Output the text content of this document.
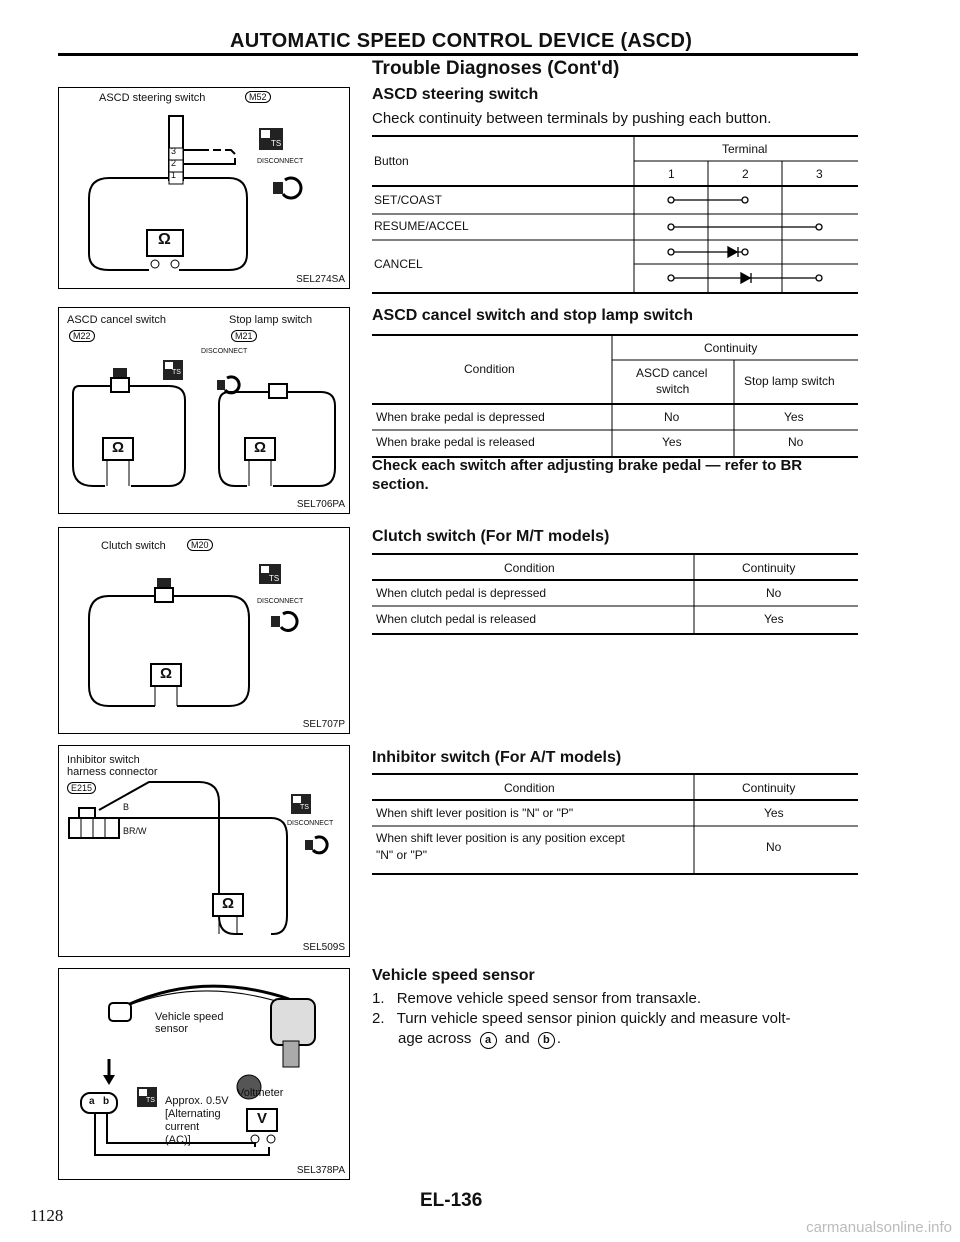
AUTOMATIC SPEED CONTROL DEVICE (ASCD)
Trouble Diagnoses (Cont'd)
ASCD steering switch	M52
3
2
1
TS
DISCONNECT
Ω
SEL274SA
ASCD cancel switch	Stop lamp switch
M22	M21
TS
DISCONNECT
Ω	Ω
SEL706PA
Clutch switch	M20
TS
DISCONNECT
Ω
SEL707P
Inhibitor switch
harness connector
E215
B
BR/W
TS
DISCONNECT
Ω
SEL509S
Vehicle speed
sensor
a b	TS Approx. 0.5V
[Alternating
current
(AC)]
Voltmeter
V
SEL378PA
ASCD steering switch
Check continuity between terminals by pushing each button.
Button
Terminal
1	2	3
SET/COAST
RESUME/ACCEL
CANCEL
ASCD cancel switch and stop lamp switch
Condition
Continuity
ASCD cancel
switch
Stop lamp switch
When brake pedal is depressed	No	Yes
When brake pedal is released	Yes	No
Check each switch after adjusting brake pedal — refer to BR
section.
Clutch switch (For M/T models)
Condition	Continuity
When clutch pedal is depressed	No
When clutch pedal is released	Yes
Inhibitor switch (For A/T models)
Condition	Continuity
When shift lever position is "N" or "P"	Yes
When shift lever position is any position except
"N" or "P"
No
Vehicle speed sensor
1. Remove vehicle speed sensor from transaxle.
2. Turn vehicle speed sensor pinion quickly and measure volt-
age across a and b .
1128
EL-136
carmanualsonline.info
